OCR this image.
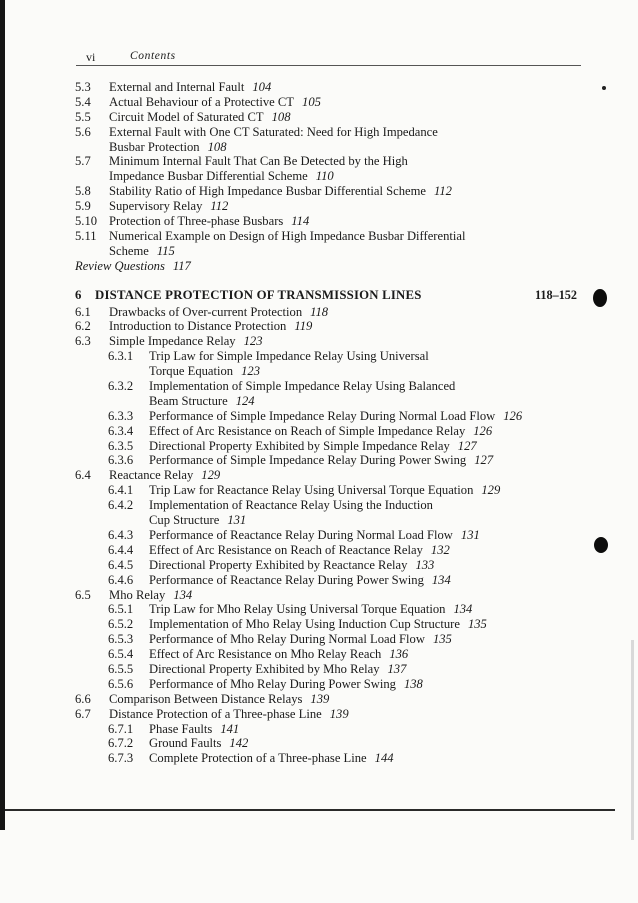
vi	Contents
5.3 External and Internal Fault 104
5.4 Actual Behaviour of a Protective CT 105
5.5 Circuit Model of Saturated CT 108
5.6 External Fault with One CT Saturated: Need for High Impedance
Busbar Protection 108
5.7 Minimum Internal Fault That Can Be Detected by the High
Impedance Busbar Differential Scheme 110
5.8 Stability Ratio of High Impedance Busbar Differential Scheme 112
5.9 Supervisory Relay 112
5.10 Protection of Three-phase Busbars 114
5.11 Numerical Example on Design of High Impedance Busbar Differential
Scheme 115
Review Questions 117
6 DISTANCE PROTECTION OF TRANSMISSION LINES	118–152
6.1 Drawbacks of Over-current Protection 118
6.2 Introduction to Distance Protection 119
6.3 Simple Impedance Relay 123
6.3.1 Trip Law for Simple Impedance Relay Using Universal
Torque Equation 123
6.3.2 Implementation of Simple Impedance Relay Using Balanced
Beam Structure 124
6.3.3 Performance of Simple Impedance Relay During Normal Load Flow 126
6.3.4 Effect of Arc Resistance on Reach of Simple Impedance Relay 126
6.3.5 Directional Property Exhibited by Simple Impedance Relay 127
6.3.6 Performance of Simple Impedance Relay During Power Swing 127
6.4 Reactance Relay 129
6.4.1 Trip Law for Reactance Relay Using Universal Torque Equation 129
6.4.2 Implementation of Reactance Relay Using the Induction
Cup Structure 131
6.4.3 Performance of Reactance Relay During Normal Load Flow 131
6.4.4 Effect of Arc Resistance on Reach of Reactance Relay 132
6.4.5 Directional Property Exhibited by Reactance Relay 133
6.4.6 Performance of Reactance Relay During Power Swing 134
6.5 Mho Relay 134
6.5.1 Trip Law for Mho Relay Using Universal Torque Equation 134
6.5.2 Implementation of Mho Relay Using Induction Cup Structure 135
6.5.3 Performance of Mho Relay During Normal Load Flow 135
6.5.4 Effect of Arc Resistance on Mho Relay Reach 136
6.5.5 Directional Property Exhibited by Mho Relay 137
6.5.6 Performance of Mho Relay During Power Swing 138
6.6 Comparison Between Distance Relays 139
6.7 Distance Protection of a Three-phase Line 139
6.7.1 Phase Faults 141
6.7.2 Ground Faults 142
6.7.3 Complete Protection of a Three-phase Line 144
